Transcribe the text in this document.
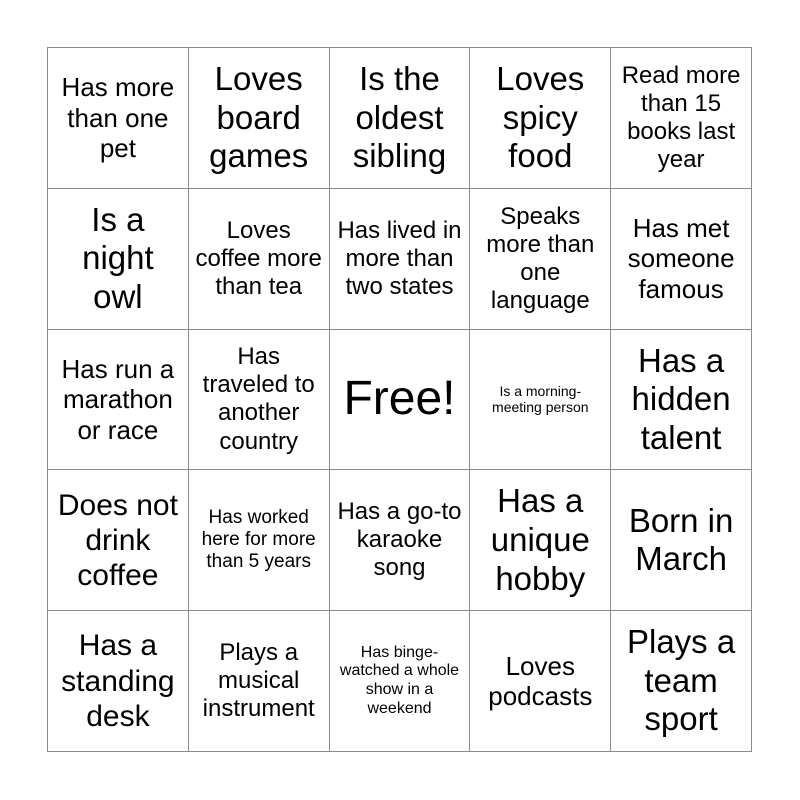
Has more than one pet
Loves board games
Is the oldest sibling
Loves spicy food
Read more than 15 books last year
Is a night owl
Loves coffee more than tea
Has lived in more than two states
Speaks more than one language
Has met someone famous
Has run a marathon or race
Has traveled to another country
Free!	Is a morning-meeting person
Has a hidden talent
Does not drink coffee
Has worked here for more than 5 years
Has a go-to karaoke song
Has a unique hobby
Born in March
Has a standing desk
Plays a musical instrument
Has binge-watched a whole show in a weekend
Loves podcasts
Plays a team sport
